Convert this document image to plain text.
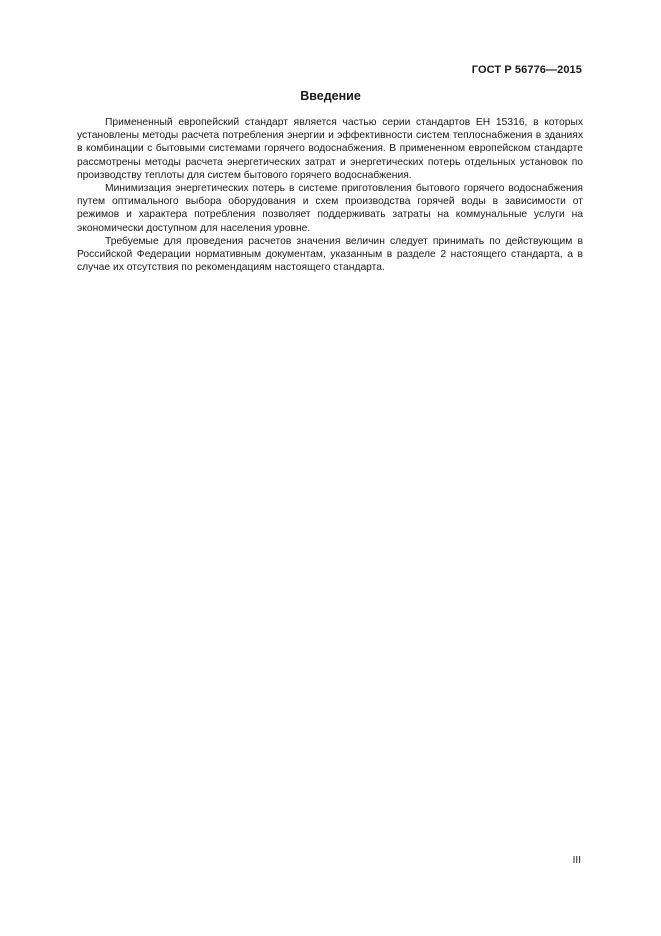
ГОСТ Р 56776—2015
Введение

Примененный европейский стандарт является частью серии стандартов ЕН 15316, в которых установлены методы расчета потребления энергии и эффективности систем теплоснабжения в зданиях в комбинации с бытовыми системами горячего водоснабжения. В примененном европейском стандарте рассмотрены методы расчета энергетических затрат и энергетических потерь отдельных установок по производству теплоты для систем бытового горячего водоснабжения.

Минимизация энергетических потерь в системе приготовления бытового горячего водоснабжения путем оптимального выбора оборудования и схем производства горячей воды в зависимости от режимов и характера потребления позволяет поддерживать затраты на коммунальные услуги на экономически доступном для населения уровне.

Требуемые для проведения расчетов значения величин следует принимать по действующим в Российской Федерации нормативным документам, указанным в разделе 2 настоящего стандарта, а в случае их отсутствия по рекомендациям настоящего стандарта.

III
